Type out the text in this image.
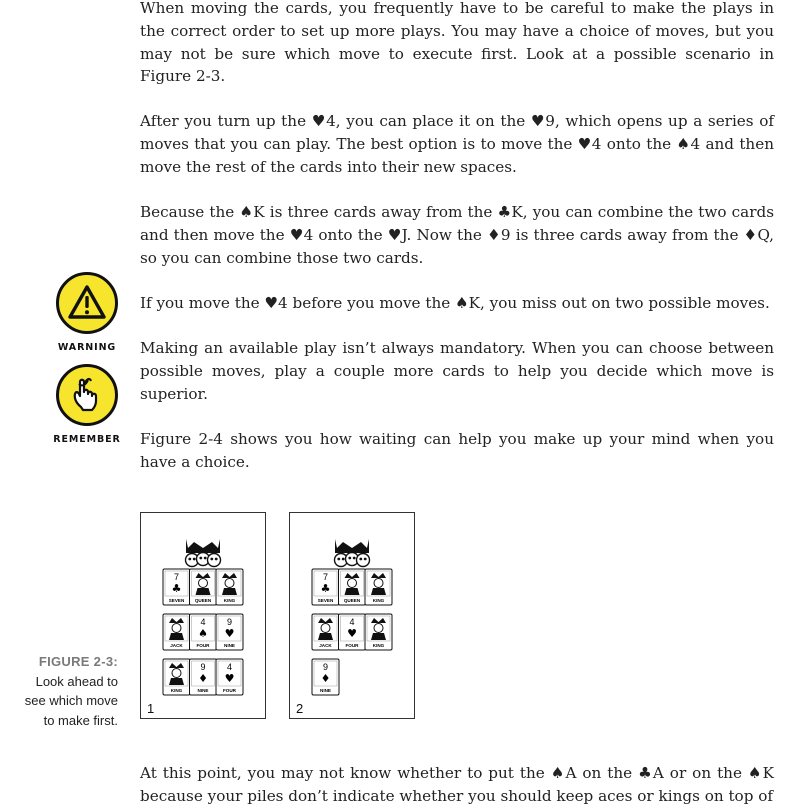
When moving the cards, you frequently have to be careful to make the plays in the correct order to set up more plays. You may have a choice of moves, but you may not be sure which move to execute first. Look at a possible scenario in Figure 2-3.

After you turn up the ♥4, you can place it on the ♥9, which opens up a series of moves that you can play. The best option is to move the ♥4 onto the ♠4 and then move the rest of the cards into their new spaces.

Because the ♠K is three cards away from the ♣K, you can combine the two cards and then move the ♥4 onto the ♥J. Now the ♦9 is three cards away from the ♦Q, so you can combine those two cards.

If you move the ♥4 before you move the ♠K, you miss out on two possible moves.

Making an available play isn’t always mandatory. When you can choose between possible moves, play a couple more cards to help you decide which move is superior.

Figure 2-4 shows you how waiting can help you make up your mind when you have a choice.

At this point, you may not know whether to put the ♠A on the ♣A or on the ♠K because your piles don’t indicate whether you should keep aces or kings on top of

WARNING
REMEMBER
FIGURE 2-3:
Look ahead to
see which move
to make first.
7
♣
SEVEN QUEEN	KING
JACK
4
♠
FOUR
9
♥
NINE
KING
9
♦
NINE
4
♥
FOUR
1
7
♣
SEVEN QUEEN	KING
JACK
4
♥
FOUR	KING
9
♦
NINE
2
